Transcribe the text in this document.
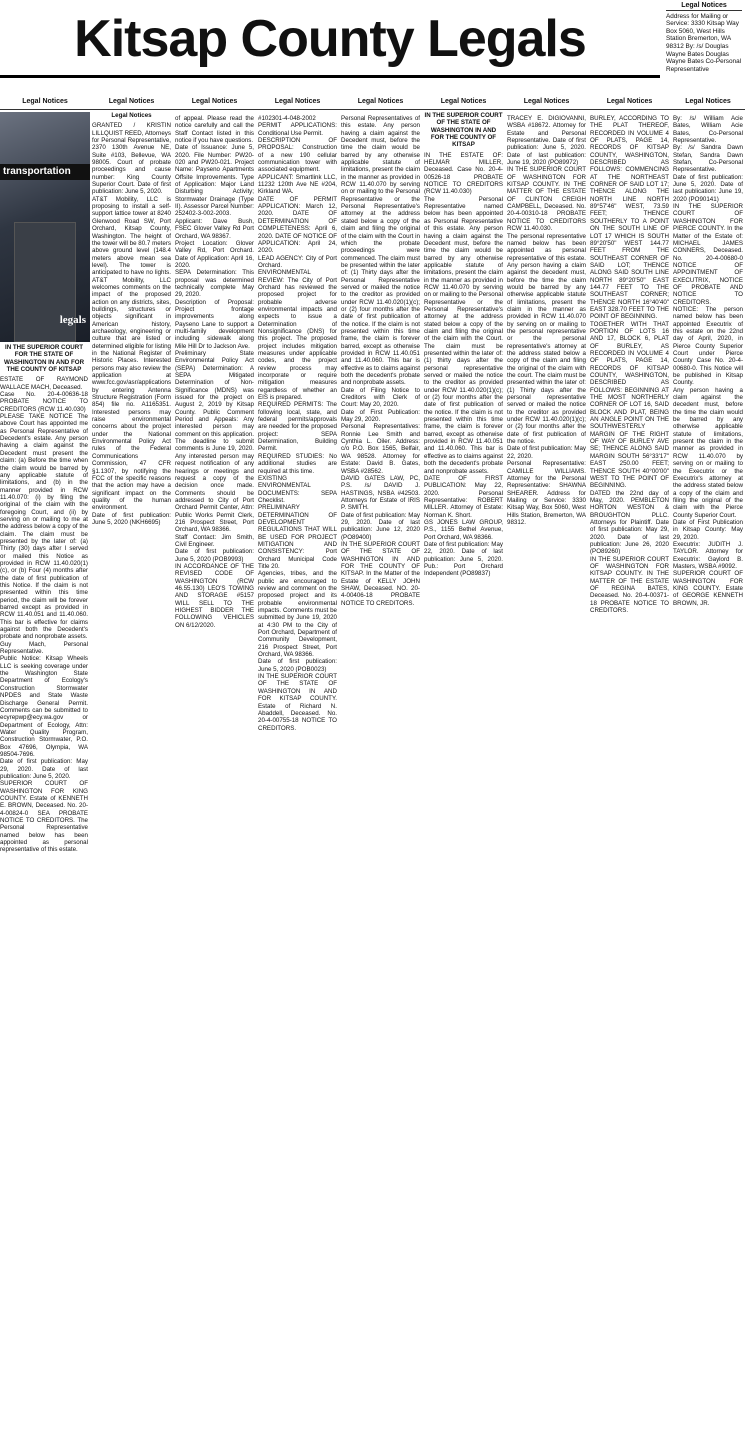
Kitsap County Legals
Legal Notices
Address for Mailing or Service: 3330 Kitsap Way Box 5060, West Hills Station Bremerton, WA 98312 By: /s/ Douglas Wayne Bates Douglas Wayne Bates Co-Personal Representative
Legal Notices	Legal Notices	Legal Notices	Legal Notices	Legal Notices	Legal Notices	Legal Notices	Legal Notices	Legal Notices
transportation
legals

IN THE SUPERIOR COURT FOR THE STATE OF WASHINGTON IN AND FOR THE COUNTY OF KITSAP

ESTATE OF RAYMOND WALLACE MACH, Deceased.
Case No. 20-4-00636-18 PROBATE NOTICE TO CREDITORS (RCW 11.40.030)
PLEASE TAKE NOTICE The above Court has appointed me as Personal Representative of Decedent's estate. Any person having a claim against the Decedent must present the claim: (a) Before the time when the claim would be barred by any applicable statute of limitations, and (b) in the manner provided in RCW 11.40.070: (i) by filing the original of the claim with the foregoing Court, and (ii) by serving on or mailing to me at the address below a copy of the claim. The claim must be presented by the later of: (a) Thirty (30) days after I served or mailed this Notice as provided in RCW 11.40.020(1)(c), or (b) Four (4) months after the date of first publication of this Notice. If the claim is not presented within this time period, the claim will be forever barred except as provided in RCW 11.40.051 and 11.40.060. This bar is effective for claims against both the Decedent's probate and nonprobate assets.
Guy Mach, Personal Representative.
Public Notice: Kitsap Wheels LLC is seeking coverage under the Washington State Department of Ecology's Construction Stormwater NPDES and State Waste Discharge General Permit. Comments can be submitted to ecyrepwp@ecy.wa.gov or Department of Ecology, Attn: Water Quality Program, Construction Stormwater, P.O. Box 47696, Olympia, WA 98504-7696.
Date of first publication: May 29, 2020. Date of last publication: June 5, 2020.
SUPERIOR COURT OF WASHINGTON FOR KING COUNTY. Estate of KENNETH E. BROWN, Deceased. No. 20-4-00824-0 SEA PROBATE NOTICE TO CREDITORS. The Personal Representative named below has been appointed as personal representative of this estate.

Legal Notices

GRANTED / KRISTIN LILLQUIST REED, Attorneys for Personal Representative, 2370 130th Avenue NE, Suite #103, Bellevue, WA 98005. Court of probate proceedings and cause number: King County Superior Court. Date of first publication: June 5, 2020.
AT&T Mobility, LLC is proposing to install a self-support lattice tower at 8240 Glenwood Road SW, Port Orchard, Kitsap County, Washington. The height of the tower will be 80.7 meters above ground level (148.4 meters above mean sea level). The tower is anticipated to have no lights. AT&T Mobility, LLC welcomes comments on the impact of the proposed action on any districts, sites, buildings, structures or objects significant in American history, archaeology, engineering or culture that are listed or determined eligible for listing in the National Register of Historic Places. Interested persons may also review the application at www.fcc.gov/asr/applications by entering Antenna Structure Registration (Form 854) file no. A1165351. Interested persons may raise environmental concerns about the project under the National Environmental Policy Act rules of the Federal Communications Commission, 47 CFR §1.1307, by notifying the FCC of the specific reasons that the action may have a significant impact on the quality of the human environment.
Date of first publication: June 5, 2020 (NKH6695)

of appeal. Please read the notice carefully and call the Staff Contact listed in this notice if you have questions.
Date of Issuance: June 5, 2020. File Number: PW20-020 and PW20-021. Project Name: Payseno Apartments Offsite Improvements. Type of Application: Major Land Disturbing Activity; Stormwater Drainage (Type II). Assessor Parcel Number: 252402-3-002-2003. Applicant: Dave Bush, FSEC Glover Valley Rd Port Orchard, WA 98367.
Project Location: Glover Valley Rd, Port Orchard. Date of Application: April 16, 2020.
SEPA Determination: This proposal was determined technically complete May 29, 2020.
Description of Proposal: Project frontage improvements along Payseno Lane to support a multi-family development including sidewalk along Mile Hill Dr to Jackson Ave.
Preliminary State Environmental Policy Act (SEPA) Determination: A SEPA Mitigated Determination of Non-Significance (MDNS) was issued for the project on August 2, 2019 by Kitsap County. Public Comment Period and Appeals: Any interested person may comment on this application. The deadline to submit comments is June 19, 2020. Any interested person may request notification of any hearings or meetings and request a copy of the decision once made. Comments should be addressed to City of Port Orchard Permit Center, Attn: Public Works Permit Clerk, 216 Prospect Street, Port Orchard, WA 98366.
Staff Contact: Jim Smith, Civil Engineer.
Date of first publication: June 5, 2020 (POB9993)
IN ACCORDANCE OF THE REVISED CODE OF WASHINGTON (RCW 46.55.130) LEO'S TOWING AND STORAGE #5157 WILL SELL TO THE HIGHEST BIDDER THE FOLLOWING VEHICLES ON 6/12/2020.

#102301-4-048-2002 PERMIT APPLICATIONS: Conditional Use Permit.
DESCRIPTION OF PROPOSAL: Construction of a new 190 cellular communication tower with associated equipment.
APPLICANT: Smartlink LLC, 11232 120th Ave NE #204, Kirkland WA.
DATE OF PERMIT APPLICATION: March 12, 2020. DATE OF DETERMINATION OF COMPLETENESS: April 6, 2020. DATE OF NOTICE OF APPLICATION: April 24, 2020.
LEAD AGENCY: City of Port Orchard.
ENVIRONMENTAL REVIEW: The City of Port Orchard has reviewed the proposed project for probable adverse environmental impacts and expects to issue a Determination of Nonsignificance (DNS) for this project. The proposed project includes mitigation measures under applicable codes, and the project review process may incorporate or require mitigation measures regardless of whether an EIS is prepared.
REQUIRED PERMITS: The following local, state, and federal permits/approvals are needed for the proposed project: SEPA Determination, Building Permit.
REQUIRED STUDIES: No additional studies are required at this time.
EXISTING ENVIRONMENTAL DOCUMENTS: SEPA Checklist.
PRELIMINARY DETERMINATION OF DEVELOPMENT REGULATIONS THAT WILL BE USED FOR PROJECT MITIGATION AND CONSISTENCY: Port Orchard Municipal Code Title 20.
Agencies, tribes, and the public are encouraged to review and comment on the proposed project and its probable environmental impacts. Comments must be submitted by June 19, 2020 at 4:30 PM to the City of Port Orchard, Department of Community Development, 216 Prospect Street, Port Orchard, WA 98366.
Date of first publication: June 5, 2020 (POB0023)
IN THE SUPERIOR COURT OF THE STATE OF WASHINGTON IN AND FOR KITSAP COUNTY. Estate of Richard N. Abaddell, Deceased. No. 20-4-00755-18 NOTICE TO CREDITORS.

Personal Representatives of this estate. Any person having a claim against the Decedent must, before the time the claim would be barred by any otherwise applicable statute of limitations, present the claim in the manner as provided in RCW 11.40.070 by serving on or mailing to the Personal Representative or the Personal Representative's attorney at the address stated below a copy of the claim and filing the original of the claim with the Court in which the probate proceedings were commenced. The claim must be presented within the later of: (1) Thirty days after the Personal Representative served or mailed the notice to the creditor as provided under RCW 11.40.020(1)(c); or (2) four months after the date of first publication of the notice. If the claim is not presented within this time frame, the claim is forever barred, except as otherwise provided in RCW 11.40.051 and 11.40.060. This bar is effective as to claims against both the decedent's probate and nonprobate assets.
Date of Filing Notice to Creditors with Clerk of Court: May 20, 2020.
Date of First Publication: May 29, 2020.
Personal Representatives: Ronnie Lee Smith and Cynthia L. Oiler. Address: c/o P.O. Box 1565, Belfair, WA 98528. Attorney for Estate: David B. Gates, WSBA #28562.
DAVID GATES LAW, PC, P.S. /s/ DAVID J. HASTINGS, NSBA #42503. Attorneys for Estate of IRIS P. SMITH.
Date of first publication: May 29, 2020. Date of last publication: June 12, 2020 (PO89400)
IN THE SUPERIOR COURT OF THE STATE OF WASHINGTON IN AND FOR THE COUNTY OF KITSAP. In the Matter of the Estate of KELLY JOHN SHAW, Deceased. NO. 20-4-00406-18 PROBATE NOTICE TO CREDITORS.

IN THE SUPERIOR COURT OF THE STATE OF WASHINGTON IN AND FOR THE COUNTY OF KITSAP

IN THE ESTATE OF: HELMAR MILLER, Deceased. Case No. 20-4-00526-18 PROBATE NOTICE TO CREDITORS (RCW 11.40.030)
The Personal Representative named below has been appointed as Personal Representative of this estate. Any person having a claim against the Decedent must, before the time the claim would be barred by any otherwise applicable statute of limitations, present the claim in the manner as provided in RCW 11.40.070 by serving on or mailing to the Personal Representative or the Personal Representative's attorney at the address stated below a copy of the claim and filing the original of the claim with the Court. The claim must be presented within the later of: (1) thirty days after the personal representative served or mailed the notice to the creditor as provided under RCW 11.40.020(1)(c); or (2) four months after the date of first publication of the notice. If the claim is not presented within this time frame, the claim is forever barred, except as otherwise provided in RCW 11.40.051 and 11.40.060. This bar is effective as to claims against both the decedent's probate and nonprobate assets.
DATE OF FIRST PUBLICATION: May 22, 2020. Personal Representative: ROBERT MILLER. Attorney of Estate: Norman K. Short.
GS JONES LAW GROUP, P.S., 1155 Bethel Avenue, Port Orchard, WA 98366.
Date of first publication: May 22, 2020. Date of last publication: June 5, 2020. Pub.: Port Orchard Independent (PO89837)

TRACEY E. DIGIOVANNI, WSBA #18672. Attorney for Estate and Personal Representative. Date of first publication: June 5, 2020. Date of last publication: June 19, 2020 (PO89972)
IN THE SUPERIOR COURT OF WASHINGTON FOR KITSAP COUNTY. IN THE MATTER OF THE ESTATE OF CLINTON CREIGH CAMPBELL, Deceased. No. 20-4-00310-18 PROBATE NOTICE TO CREDITORS RCW 11.40.030.
The personal representative named below has been appointed as personal representative of this estate. Any person having a claim against the decedent must, before the time the claim would be barred by any otherwise applicable statute of limitations, present the claim in the manner as provided in RCW 11.40.070 by serving on or mailing to the personal representative or the personal representative's attorney at the address stated below a copy of the claim and filing the original of the claim with the court. The claim must be presented within the later of: (1) Thirty days after the personal representative served or mailed the notice to the creditor as provided under RCW 11.40.020(1)(c); or (2) four months after the date of first publication of the notice.
Date of first publication: May 22, 2020.
Personal Representative: CAMILLE WILLIAMS. Attorney for the Personal Representative: SHAWNA SHEARER. Address for Mailing or Service: 3330 Kitsap Way, Box 5060, West Hills Station, Bremerton, WA 98312.

BURLEY, ACCORDING TO THE PLAT THEREOF, RECORDED IN VOLUME 4 OF PLATS, PAGE 14, RECORDS OF KITSAP COUNTY, WASHINGTON, DESCRIBED AS FOLLOWS: COMMENCING AT THE NORTHEAST CORNER OF SAID LOT 17; THENCE ALONG THE NORTH LINE NORTH 89°57'46" WEST, 73.59 FEET; THENCE SOUTHERLY TO A POINT ON THE SOUTH LINE OF LOT 17 WHICH IS SOUTH 89°20'50" WEST 144.77 FEET FROM THE SOUTHEAST CORNER OF SAID LOT; THENCE ALONG SAID SOUTH LINE NORTH 89°20'50" EAST 144.77 FEET TO THE SOUTHEAST CORNER; THENCE NORTH 16°40'40" EAST 328.70 FEET TO THE POINT OF BEGINNING.
TOGETHER WITH THAT PORTION OF LOTS 16 AND 17, BLOCK 6, PLAT OF BURLEY, AS RECORDED IN VOLUME 4 OF PLATS, PAGE 14, RECORDS OF KITSAP COUNTY, WASHINGTON, DESCRIBED AS FOLLOWS: BEGINNING AT THE MOST NORTHERLY CORNER OF LOT 16, SAID BLOCK AND PLAT, BEING AN ANGLE POINT ON THE SOUTHWESTERLY MARGIN OF THE RIGHT OF WAY OF BURLEY AVE SE; THENCE ALONG SAID MARGIN SOUTH 56°33'17" EAST 250.00 FEET; THENCE SOUTH 40°00'00" WEST TO THE POINT OF BEGINNING.
DATED the 22nd day of May, 2020. PEMBLETON HORTON WESTON & BROUGHTON PLLC. Attorneys for Plaintiff. Date of first publication: May 29, 2020. Date of last publication: June 26, 2020 (PO89260)
IN THE SUPERIOR COURT OF WASHINGTON FOR KITSAP COUNTY. IN THE MATTER OF THE ESTATE OF REGINA BATES, Deceased. No. 20-4-00371-18 PROBATE NOTICE TO CREDITORS.

By: /s/ William Acie Bates, William Acie Bates, Co-Personal Representative.
By: /s/ Sandra Dawn Stefan, Sandra Dawn Stefan, Co-Personal Representative.
Date of first publication: June 5, 2020. Date of last publication: June 19, 2020 (PO90141)
IN THE SUPERIOR COURT OF WASHINGTON FOR PIERCE COUNTY. In the Matter of the Estate of: MICHAEL JAMES CONNERS, Deceased. No. 20-4-00680-0 NOTICE OF APPOINTMENT OF EXECUTRIX, NOTICE OF PROBATE AND NOTICE TO CREDITORS.
NOTICE: The person named below has been appointed Executrix of this estate on the 22nd day of April, 2020, in Pierce County Superior Court under Pierce County Case No. 20-4-00680-0. This Notice will be published in Kitsap County.
Any person having a claim against the decedent must, before the time the claim would be barred by any otherwise applicable statute of limitations, present the claim in the manner as provided in RCW 11.40.070 by serving on or mailing to the Executrix or the Executrix's attorney at the address stated below a copy of the claim and filing the original of the claim with the Pierce County Superior Court.
Date of First Publication in Kitsap County: May 29, 2020.
Executrix: JUDITH J. TAYLOR. Attorney for Executrix: Gaylord B. Masters, WSBA #9092.
SUPERIOR COURT OF WASHINGTON FOR KING COUNTY. Estate of GEORGE KENNETH BROWN, JR.
